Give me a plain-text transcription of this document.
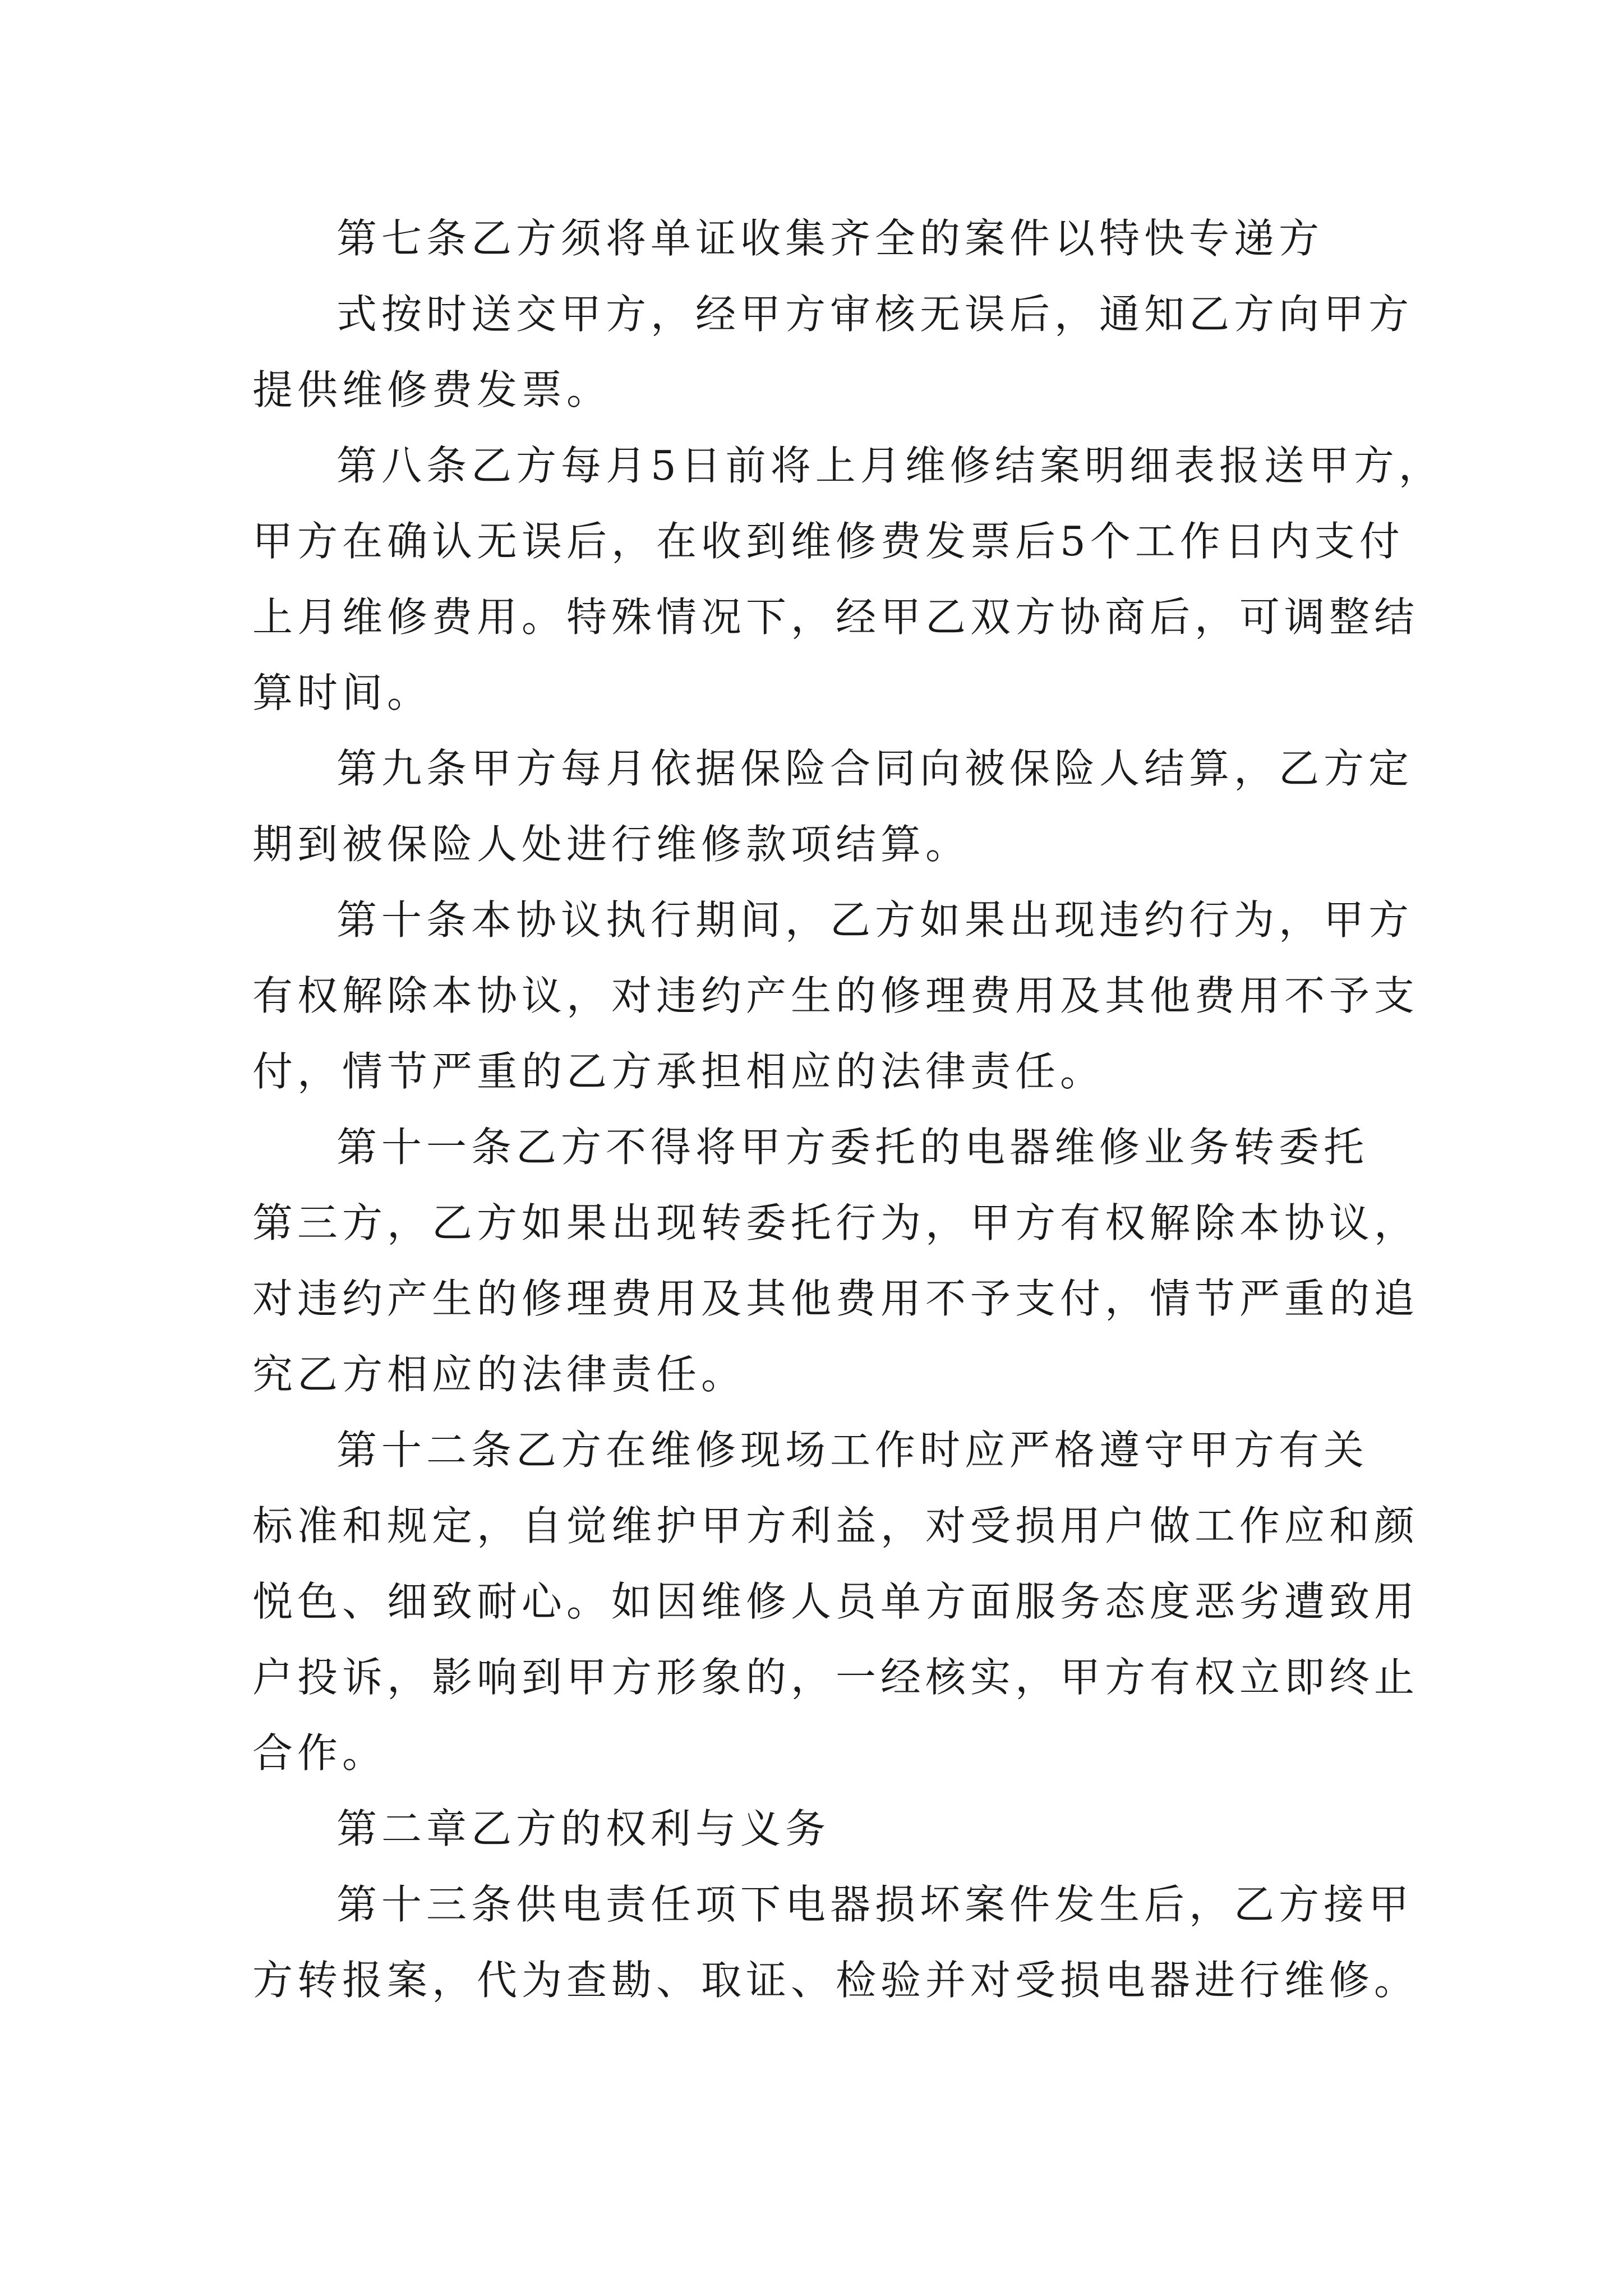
第七条乙方须将单证收集齐全的案件以特快专递方
式按时送交甲方，经甲方审核无误后，通知乙方向甲方
提供维修费发票。
第八条乙方每月5日前将上月维修结案明细表报送甲方，
甲方在确认无误后，在收到维修费发票后5个工作日内支付
上月维修费用。特殊情况下，经甲乙双方协商后，可调整结
算时间。
第九条甲方每月依据保险合同向被保险人结算，乙方定
期到被保险人处进行维修款项结算。
第十条本协议执行期间，乙方如果出现违约行为，甲方
有权解除本协议，对违约产生的修理费用及其他费用不予支
付，情节严重的乙方承担相应的法律责任。
第十一条乙方不得将甲方委托的电器维修业务转委托
第三方，乙方如果出现转委托行为，甲方有权解除本协议，
对违约产生的修理费用及其他费用不予支付，情节严重的追
究乙方相应的法律责任。
第十二条乙方在维修现场工作时应严格遵守甲方有关
标准和规定，自觉维护甲方利益，对受损用户做工作应和颜
悦色、细致耐心。如因维修人员单方面服务态度恶劣遭致用
户投诉，影响到甲方形象的，一经核实，甲方有权立即终止
合作。
第二章乙方的权利与义务
第十三条供电责任项下电器损坏案件发生后，乙方接甲
方转报案，代为查勘、取证、检验并对受损电器进行维修。
